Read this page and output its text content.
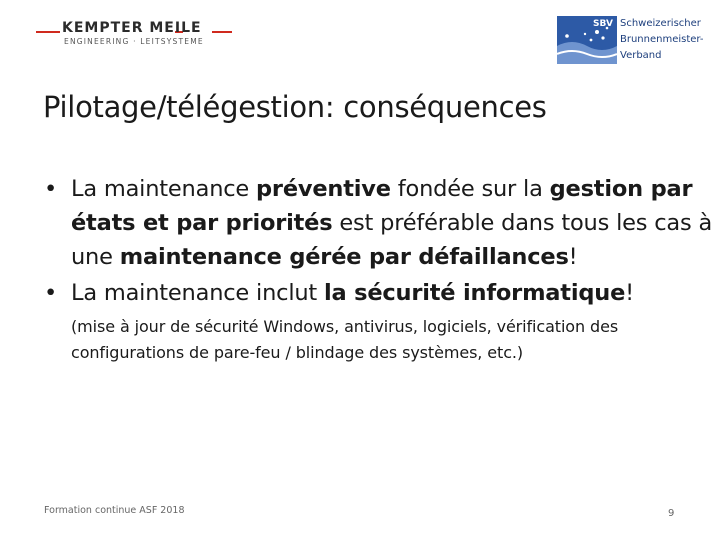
KEMPTER MEILE
ENGINEERING · LEITSYSTEME
SBV Schweizerischer
Brunnenmeister-
Verband
Pilotage/télégestion: conséquences
• La maintenance préventive fondée sur la gestion par états et par priorités est préférable dans tous les cas à une maintenance gérée par défaillances!
• La maintenance inclut la sécurité informatique!
(mise à jour de sécurité Windows, antivirus, logiciels, vérification des configurations de pare-feu / blindage des systèmes, etc.)
Formation continue ASF 2018	9
